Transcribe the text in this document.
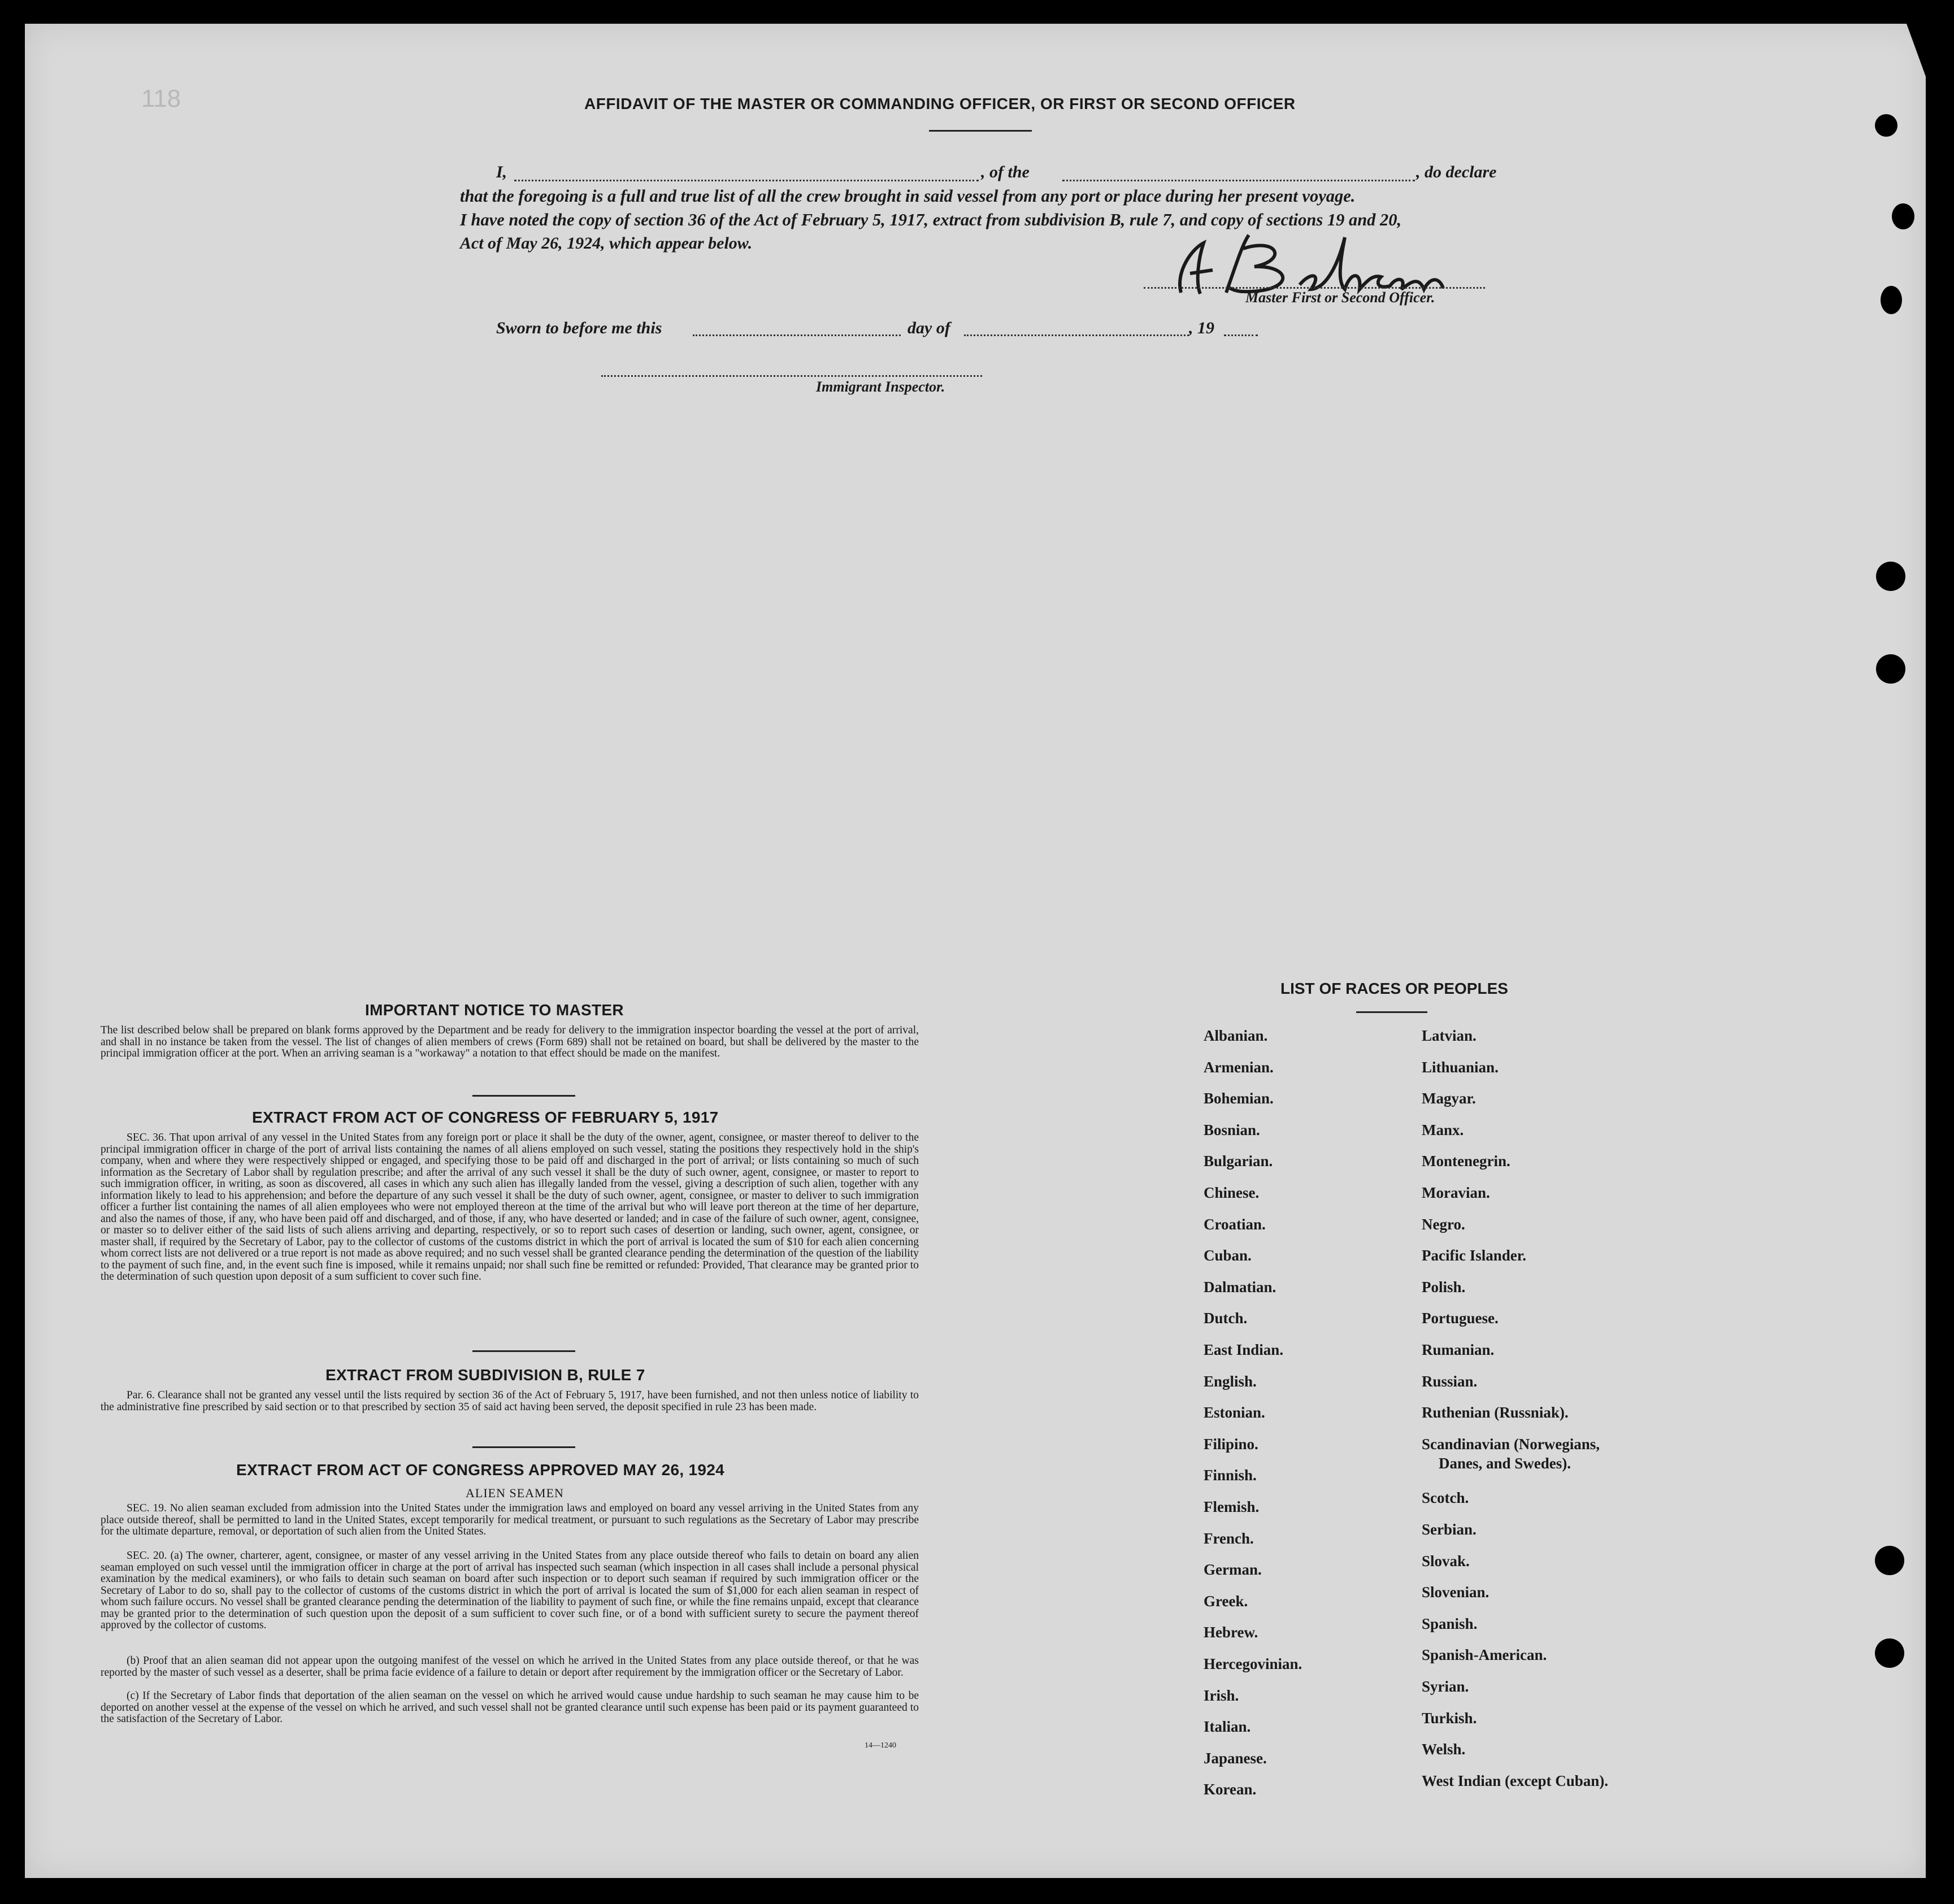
118	AFFIDAVIT OF THE MASTER OR COMMANDING OFFICER, OR FIRST OR SECOND OFFICER
I,	, of the	, do declare
that the foregoing is a full and true list of all the crew brought in said vessel from any port or place during her present voyage.
I have noted the copy of section 36 of the Act of February 5, 1917, extract from subdivision B, rule 7, and copy of sections 19 and 20,
Act of May 26, 1924, which appear below.
Master First or Second Officer.
Sworn to before me this	day of	, 19
Immigrant Inspector.
IMPORTANT NOTICE TO MASTER
The list described below shall be prepared on blank forms approved by the Department and be ready for delivery to the immigration inspector boarding the vessel at the port of arrival, and shall in no instance be taken from the vessel. The list of changes of alien members of crews (Form 689) shall not be retained on board, but shall be delivered by the master to the principal immigration officer at the port. When an arriving seaman is a "workaway" a notation to that effect should be made on the manifest.
EXTRACT FROM ACT OF CONGRESS OF FEBRUARY 5, 1917
SEC. 36. That upon arrival of any vessel in the United States from any foreign port or place it shall be the duty of the owner, agent, consignee, or master thereof to deliver to the principal immigration officer in charge of the port of arrival lists containing the names of all aliens employed on such vessel, stating the positions they respectively hold in the ship's company, when and where they were respectively shipped or engaged, and specifying those to be paid off and discharged in the port of arrival; or lists containing so much of such information as the Secretary of Labor shall by regulation prescribe; and after the arrival of any such vessel it shall be the duty of such owner, agent, consignee, or master to report to such immigration officer, in writing, as soon as discovered, all cases in which any such alien has illegally landed from the vessel, giving a description of such alien, together with any information likely to lead to his apprehension; and before the departure of any such vessel it shall be the duty of such owner, agent, consignee, or master to deliver to such immigration officer a further list containing the names of all alien employees who were not employed thereon at the time of the arrival but who will leave port thereon at the time of her departure, and also the names of those, if any, who have been paid off and discharged, and of those, if any, who have deserted or landed; and in case of the failure of such owner, agent, consignee, or master so to deliver either of the said lists of such aliens arriving and departing, respectively, or so to report such cases of desertion or landing, such owner, agent, consignee, or master shall, if required by the Secretary of Labor, pay to the collector of customs of the customs district in which the port of arrival is located the sum of $10 for each alien concerning whom correct lists are not delivered or a true report is not made as above required; and no such vessel shall be granted clearance pending the determination of the question of the liability to the payment of such fine, and, in the event such fine is imposed, while it remains unpaid; nor shall such fine be remitted or refunded: Provided, That clearance may be granted prior to the determination of such question upon deposit of a sum sufficient to cover such fine.
EXTRACT FROM SUBDIVISION B, RULE 7
Par. 6. Clearance shall not be granted any vessel until the lists required by section 36 of the Act of February 5, 1917, have been furnished, and not then unless notice of liability to the administrative fine prescribed by said section or to that prescribed by section 35 of said act having been served, the deposit specified in rule 23 has been made.
EXTRACT FROM ACT OF CONGRESS APPROVED MAY 26, 1924
ALIEN SEAMEN
SEC. 19. No alien seaman excluded from admission into the United States under the immigration laws and employed on board any vessel arriving in the United States from any place outside thereof, shall be permitted to land in the United States, except temporarily for medical treatment, or pursuant to such regulations as the Secretary of Labor may prescribe for the ultimate departure, removal, or deportation of such alien from the United States.
SEC. 20. (a) The owner, charterer, agent, consignee, or master of any vessel arriving in the United States from any place outside thereof who fails to detain on board any alien seaman employed on such vessel until the immigration officer in charge at the port of arrival has inspected such seaman (which inspection in all cases shall include a personal physical examination by the medical examiners), or who fails to detain such seaman on board after such inspection or to deport such seaman if required by such immigration officer or the Secretary of Labor to do so, shall pay to the collector of customs of the customs district in which the port of arrival is located the sum of $1,000 for each alien seaman in respect of whom such failure occurs. No vessel shall be granted clearance pending the determination of the liability to payment of such fine, or while the fine remains unpaid, except that clearance may be granted prior to the determination of such question upon the deposit of a sum sufficient to cover such fine, or of a bond with sufficient surety to secure the payment thereof approved by the collector of customs.
(b) Proof that an alien seaman did not appear upon the outgoing manifest of the vessel on which he arrived in the United States from any place outside thereof, or that he was reported by the master of such vessel as a deserter, shall be prima facie evidence of a failure to detain or deport after requirement by the immigration officer or the Secretary of Labor.
(c) If the Secretary of Labor finds that deportation of the alien seaman on the vessel on which he arrived would cause undue hardship to such seaman he may cause him to be deported on another vessel at the expense of the vessel on which he arrived, and such vessel shall not be granted clearance until such expense has been paid or its payment guaranteed to the satisfaction of the Secretary of Labor.
14—1240
LIST OF RACES OR PEOPLES
Albanian.
Armenian.
Bohemian.
Bosnian.
Bulgarian.
Chinese.
Croatian.
Cuban.
Dalmatian.
Dutch.
East Indian.
English.
Estonian.
Filipino.
Finnish.
Flemish.
French.
German.
Greek.
Hebrew.
Hercegovinian.
Irish.
Italian.
Japanese.
Korean.
Latvian.
Lithuanian.
Magyar.
Manx.
Montenegrin.
Moravian.
Negro.
Pacific Islander.
Polish.
Portuguese.
Rumanian.
Russian.
Ruthenian (Russniak).
Scandinavian (Norwegians,
Danes, and Swedes).
Scotch.
Serbian.
Slovak.
Slovenian.
Spanish.
Spanish-American.
Syrian.
Turkish.
Welsh.
West Indian (except Cuban).
